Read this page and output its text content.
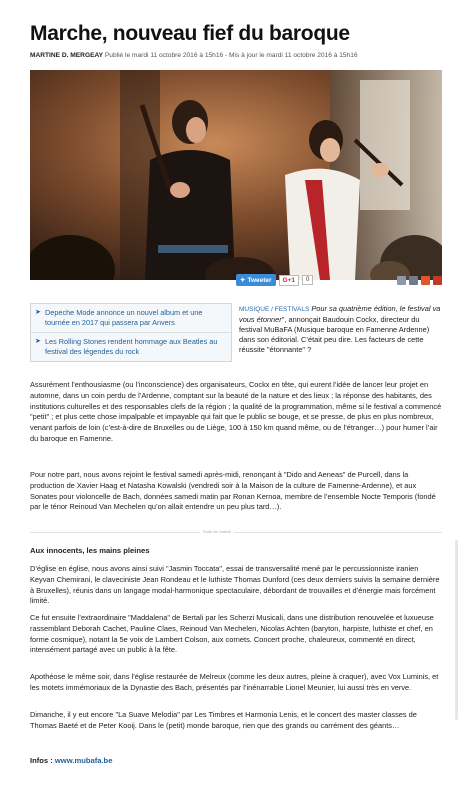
Marche, nouveau fief du baroque
MARTINE D. MERGEAY Publié le mardi 11 octobre 2016 à 15h16 - Mis à jour le mardi 11 octobre 2016 à 15h16
✦ Tweeter	G+1	0
➤ Depeche Mode annonce un nouvel album et une tournée en 2017 qui passera par Anvers
➤ Les Rolling Stones rendent hommage aux Beatles au festival des légendes du rock
MUSIQUE / FESTIVALS Pour sa quatrième édition, le festival va vous étonner", annonçait Baudouin Cockx, directeur du festival MuBaFA (Musique baroque en Famenne Ardenne) dans son éditorial. C’était peu dire. Les facteurs de cette réussite "étonnante" ?

Assurément l’enthousiasme (ou l’inconscience) des organisateurs, Cockx en tête, qui eurent l’idée de lancer leur projet en automne, dans un coin perdu de l’Ardenne, comptant sur la beauté de la nature et des lieux ; la réponse des habitants, des institutions culturelles et des responsables clefs de la région ; la qualité de la programmation, même si le festival a commencé "petit" ; et plus cette chose impalpable et impayable qui fait que le public se bouge, et se presse, de plus en plus nombreux, venant parfois de loin (c’est-à-dire de Bruxelles ou de Liège, 100 à 150 km quand même, ou de l’étranger…) pour humer l’air du baroque en Famenne.

Pour notre part, nous avons rejoint le festival samedi après-midi, renonçant à "Dido and Aeneas" de Purcell, dans la production de Xavier Haag et Natasha Kowalski (vendredi soir à la Maison de la culture de Famenne-Ardenne), et aux Sonates pour violoncelle de Bach, données samedi matin par Ronan Kernoa, membre de l’ensemble Nocte Temporis (fondé par le ténor Reinoud Van Mechelen qu’on allait entendre un peu plus tard…).

Suite de l'article
Aux innocents, les mains pleines

D’église en église, nous avons ainsi suivi "Jasmin Toccata", essai de transversalité mené par le percussionniste iranien Keyvan Chemirani, le claveciniste Jean Rondeau et le luthiste Thomas Dunford (ces deux derniers suivis la semaine dernière à Bruxelles), réunis dans un langage modal-harmonique spectaculaire, débordant de trouvailles et d’énergie mais forcément limité.

Ce fut ensuite l’extraordinaire "Maddalena" de Bertali par les Scherzi Musicali, dans une distribution renouvelée et luxueuse rassemblant Deborah Cachet, Pauline Claes, Reinoud Van Mechelen, Nicolas Achten (baryton, harpiste, luthiste et chef, en forme cosmique), notant la 5e voix de Lambert Colson, aux cornets. Concert proche, chaleureux, commenté en direct, intensément partagé avec un public à la fête.

Apothéose le même soir, dans l’église restaurée de Melreux (comme les deux autres, pleine à craquer), avec Vox Luminis, et les motets immémoriaux de la Dynastie des Bach, présentés par l’inénarrable Lionel Meunier, lui aussi très en verve.

Dimanche, il y eut encore "La Suave Melodia" par Les Timbres et Harmonia Lenis, et le concert des master classes de Thomas Baeté et de Peter Kooij. Dans le (petit) monde baroque, rien que des grands ou carrément des géants…

Infos : www.mubafa.be
